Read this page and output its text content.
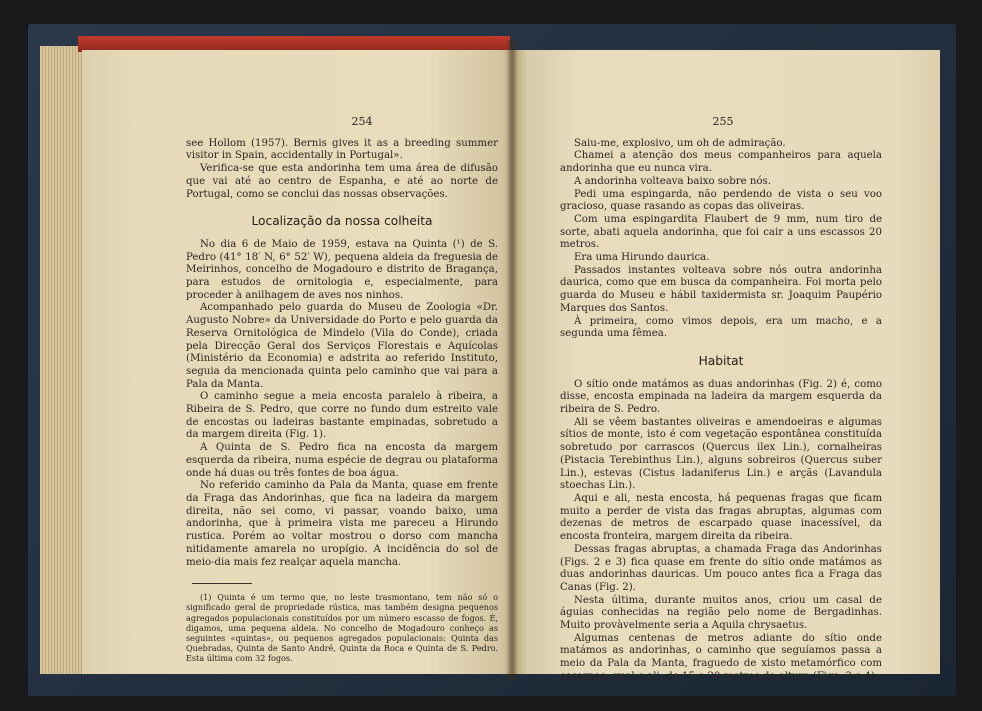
254

see Hollom (1957). Bernis gives it as a breeding summer visitor in Spain, accidentally in Portugal».

Verifica-se que esta andorinha tem uma área de difusão que vai até ao centro de Espanha, e até ao norte de Portugal, como se conclui das nossas observações.

Localização da nossa colheita

No dia 6 de Maio de 1959, estava na Quinta (¹) de S. Pedro (41° 18′ N, 6° 52′ W), pequena aldeia da freguesia de Meirinhos, concelho de Mogadouro e distrito de Bragança, para estudos de ornitologia e, especialmente, para proceder à anilhagem de aves nos ninhos.

Acompanhado pelo guarda do Museu de Zoologia «Dr. Augusto Nobre» da Universidade do Porto e pelo guarda da Reserva Ornitológica de Mindelo (Vila do Conde), criada pela Direcção Geral dos Serviços Florestais e Aquícolas (Ministério da Economia) e adstrita ao referido Instituto, seguia da mencionada quinta pelo caminho que vai para a Pala da Manta.

O caminho segue a meia encosta paralelo à ribeira, a Ribeira de S. Pedro, que corre no fundo dum estreito vale de encostas ou ladeiras bastante empinadas, sobretudo a da margem direita (Fig. 1).

A Quinta de S. Pedro fica na encosta da margem esquerda da ribeira, numa espécie de degrau ou plataforma onde há duas ou três fontes de boa água.

No referido caminho da Pala da Manta, quase em frente da Fraga das Andorinhas, que fica na ladeira da margem direita, não sei como, vi passar, voando baixo, uma andorinha, que à primeira vista me pareceu a Hirundo rustica. Porém ao voltar mostrou o dorso com mancha nitidamente amarela no uropígio. A incidência do sol de meio-dia mais fez realçar aquela mancha.

(1) Quinta é um termo que, no leste trasmontano, tem não só o significado geral de propriedade rústica, mas também designa pequenos agregados populacionais constituídos por um número escasso de fogos. É, digamos, uma pequena aldeia. No concelho de Mogadouro conheço as seguintes «quintas», ou pequenos agregados populacionais: Quinta das Quebradas, Quinta de Santo André, Quinta da Roca e Quinta de S. Pedro. Esta última com 32 fogos.

255

Saiu-me, explosivo, um oh de admiração.

Chamei a atenção dos meus companheiros para aquela andorinha que eu nunca vira.

A andorinha volteava baixo sobre nós.

Pedi uma espingarda, não perdendo de vista o seu voo gracioso, quase rasando as copas das oliveiras.

Com uma espingardita Flaubert de 9 mm, num tiro de sorte, abati aquela andorinha, que foi cair a uns escassos 20 metros.

Era uma Hirundo daurica.

Passados instantes volteava sobre nós outra andorinha daurica, como que em busca da companheira. Foi morta pelo guarda do Museu e hábil taxidermista sr. Joaquim Paupério Marques dos Santos.

À primeira, como vimos depois, era um macho, e a segunda uma fêmea.

Habitat

O sítio onde matámos as duas andorinhas (Fig. 2) é, como disse, encosta empinada na ladeira da margem esquerda da ribeira de S. Pedro.

Ali se vêem bastantes oliveiras e amendoeiras e algumas sítios de monte, isto é com vegetação espontânea constituída sobretudo por carrascos (Quercus ilex Lin.), cornalheiras (Pistacia Terebinthus Lin.), alguns sobreiros (Quercus suber Lin.), estevas (Cistus ladaniferus Lin.) e arçãs (Lavandula stoechas Lin.).

Aqui e ali, nesta encosta, há pequenas fragas que ficam muito a perder de vista das fragas abruptas, algumas com dezenas de metros de escarpado quase inacessível, da encosta fronteira, margem direita da ribeira.

Dessas fragas abruptas, a chamada Fraga das Andorinhas (Figs. 2 e 3) fica quase em frente do sítio onde matámos as duas andorinhas dauricas. Um pouco antes fica a Fraga das Canas (Fig. 2).

Nesta última, durante muitos anos, criou um casal de águias conhecidas na região pelo nome de Bergadinhas. Muito provàvelmente seria a Aquila chrysaetus.

Algumas centenas de metros adiante do sítio onde matámos as andorinhas, o caminho que seguíamos passa a meio da Pala da Manta, fraguedo de xisto metamórfico com escarpas, qual e ali, de 15 e 20 metros de altura (Figs. 3 e 4).
